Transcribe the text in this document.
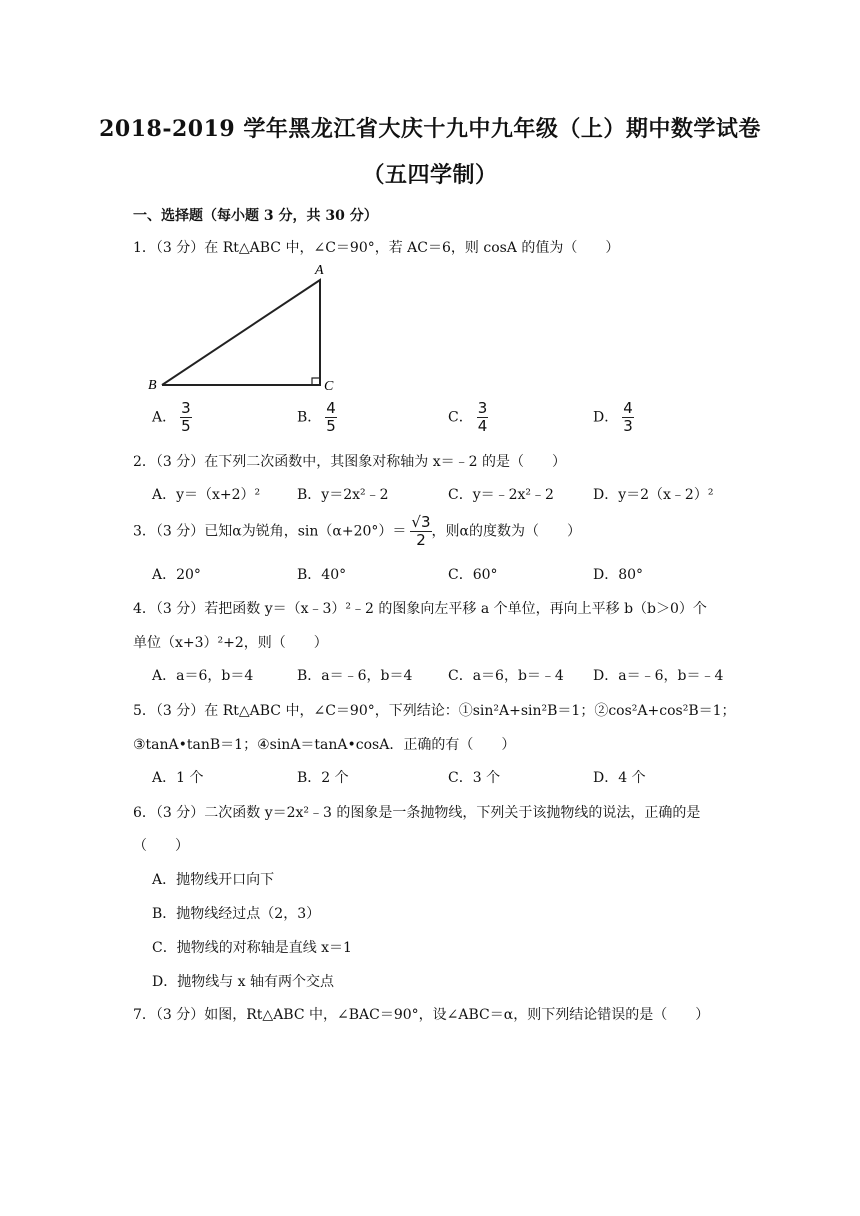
2018-2019 学年黑龙江省大庆十九中九年级（上）期中数学试卷
（五四学制）
一、选择题（每小题 3 分，共 30 分）
1．（3 分）在 Rt△ABC 中，∠C＝90°，若 AC＝6，则 cosA 的值为（　　）
A
B	C
A． $\frac{3}{5}$	B． $\frac{4}{5}$	C． $\frac{3}{4}$	D． $\frac{4}{3}$
2．（3 分）在下列二次函数中，其图象对称轴为 x＝﹣2 的是（　　）
A．y＝（x+2）²	B．y＝2x²﹣2	C．y＝﹣2x²﹣2	D．y＝2（x﹣2）²
3．（3 分）已知α为锐角，$\sin(\alpha+20^\circ)= \frac{√3}{2}$ ，则α的度数为（　　）
A．20°	B．40°	C．60°	D．80°
4．（3 分）若把函数 y＝（x﹣3）²﹣2 的图象向左平移 a 个单位，再向上平移 b（b＞0）个
单位（x+3）²+2，则（　　）
A．a＝6，b＝4	B．a＝﹣6，b＝4	C．a＝6，b＝﹣4 D．a＝﹣6，b＝﹣4
5．（3 分）在 Rt△ABC 中，∠C＝90°，下列结论：①sin²A+sin²B＝1；②cos²A+cos²B＝1；
③tanA•tanB＝1；④sinA＝tanA•cosA．正确的有（　　）
A．1 个	B．2 个	C．3 个	D．4 个
6．（3 分）二次函数 y＝2x²﹣3 的图象是一条抛物线，下列关于该抛物线的说法，正确的是
（　　）
A．抛物线开口向下
B．抛物线经过点（2，3）
C．抛物线的对称轴是直线 x＝1
D．抛物线与 x 轴有两个交点
7．（3 分）如图，Rt△ABC 中，∠BAC＝90°，设∠ABC＝α，则下列结论错误的是（　　）
